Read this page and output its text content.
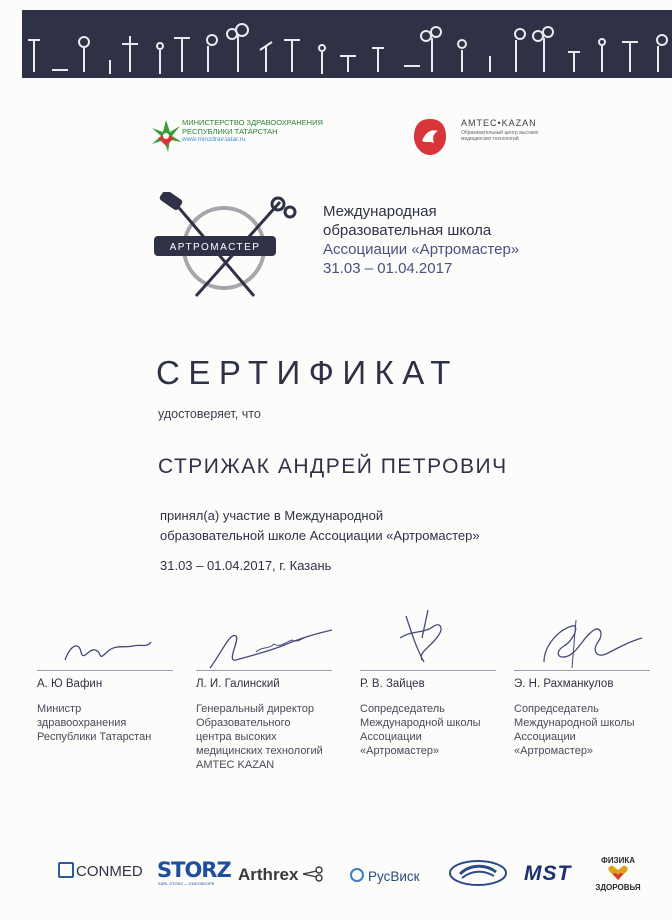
МИНИСТЕРСТВО ЗДРАВООХРАНЕНИЯ
РЕСПУБЛИКИ ТАТАРСТАН
www.minzdrav.tatar.ru
AMTEC•KAZAN
Образовательный центр высоких медицинских технологий
АРТРОМАСТЕР
Международная
образовательная школа
Ассоциации «Артромастер»
31.03 – 01.04.2017
СЕРТИФИКАТ
удостоверяет, что
СТРИЖАК АНДРЕЙ ПЕТРОВИЧ
принял(а) участие в Международной
образовательной школе Ассоциации «Артромастер»
31.03 – 01.04.2017, г. Казань
А. Ю Вафин
Министр
здравоохранения
Республики Татарстан
Л. И. Галинский
Генеральный директор
Образовательного
центра высоких
медицинских технологий
AMTEC KAZAN
Р. В. Зайцев
Сопредседатель
Международной школы
Ассоциации
«Артромастер»
Э. Н. Рахманкулов
Сопредседатель
Международной школы
Ассоциации
«Артромастер»
CONMED STORZ
KARL STORZ — ENDOSKOPE Arthrex	РусВиск	MST
ФИЗИКА
ЗДОРОВЬЯ
